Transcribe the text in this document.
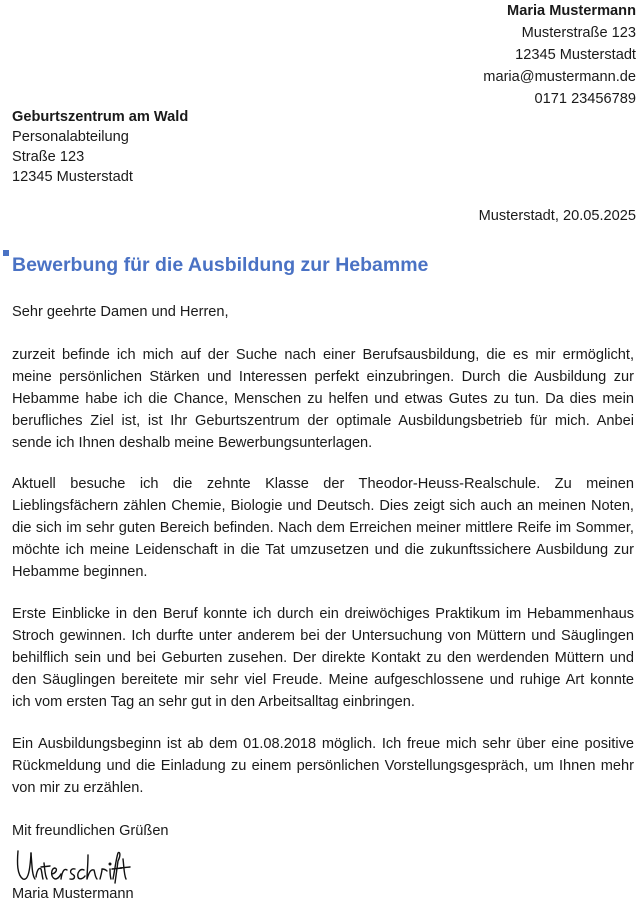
Maria Mustermann
Musterstraße 123
12345 Musterstadt
maria@mustermann.de
0171 23456789
Geburtszentrum am Wald
Personalabteilung
Straße 123
12345 Musterstadt
Musterstadt, 20.05.2025
Bewerbung für die Ausbildung zur Hebamme
Sehr geehrte Damen und Herren,
zurzeit befinde ich mich auf der Suche nach einer Berufsausbildung, die es mir ermöglicht, meine persönlichen Stärken und Interessen perfekt einzubringen. Durch die Ausbildung zur Hebamme habe ich die Chance, Menschen zu helfen und etwas Gutes zu tun. Da dies mein berufliches Ziel ist, ist Ihr Geburtszentrum der optimale Ausbildungsbetrieb für mich. Anbei sende ich Ihnen deshalb meine Bewerbungsunterlagen.
Aktuell besuche ich die zehnte Klasse der Theodor-Heuss-Realschule. Zu meinen Lieblingsfächern zählen Chemie, Biologie und Deutsch. Dies zeigt sich auch an meinen Noten, die sich im sehr guten Bereich befinden. Nach dem Erreichen meiner mittlere Reife im Sommer, möchte ich meine Leidenschaft in die Tat umzusetzen und die zukunftssichere Ausbildung zur Hebamme beginnen.
Erste Einblicke in den Beruf konnte ich durch ein dreiwöchiges Praktikum im Hebammenhaus Stroch gewinnen. Ich durfte unter anderem bei der Untersuchung von Müttern und Säuglingen behilflich sein und bei Geburten zusehen. Der direkte Kontakt zu den werdenden Müttern und den Säuglingen bereitete mir sehr viel Freude. Meine aufgeschlossene und ruhige Art konnte ich vom ersten Tag an sehr gut in den Arbeitsalltag einbringen.
Ein Ausbildungsbeginn ist ab dem 01.08.2018 möglich. Ich freue mich sehr über eine positive Rückmeldung und die Einladung zu einem persönlichen Vorstellungsgespräch, um Ihnen mehr von mir zu erzählen.
Mit freundlichen Grüßen
Maria Mustermann
